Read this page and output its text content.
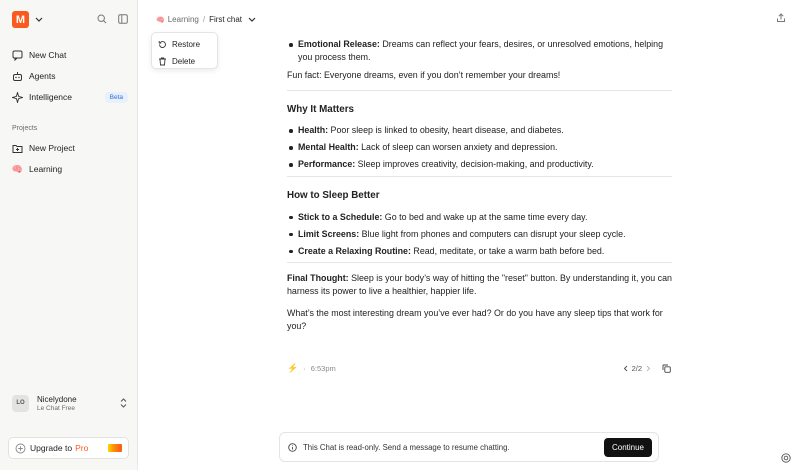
M
New Chat
Agents
Intelligence	Beta
Projects
New Project
🧠 Learning
LO	Nicelydone
Le Chat Free
Upgrade to Pro
🧠 Learning / First chat
Restore
Delete
Emotional Release: Dreams can reflect your fears, desires, or unresolved emotions, helping you process them.

Fun fact: Everyone dreams, even if you don’t remember your dreams!

Why It Matters
Health: Poor sleep is linked to obesity, heart disease, and diabetes.
Mental Health: Lack of sleep can worsen anxiety and depression.
Performance: Sleep improves creativity, decision-making, and productivity.
How to Sleep Better
Stick to a Schedule: Go to bed and wake up at the same time every day.
Limit Screens: Blue light from phones and computers can disrupt your sleep cycle.
Create a Relaxing Routine: Read, meditate, or take a warm bath before bed.

Final Thought: Sleep is your body’s way of hitting the "reset" button. By understanding it, you can harness its power to live a healthier, happier life.

What’s the most interesting dream you’ve ever had? Or do you have any sleep tips that work for you?

⚡ · 6:53pm	2/2
This Chat is read-only. Send a message to resume chatting.	Continue
